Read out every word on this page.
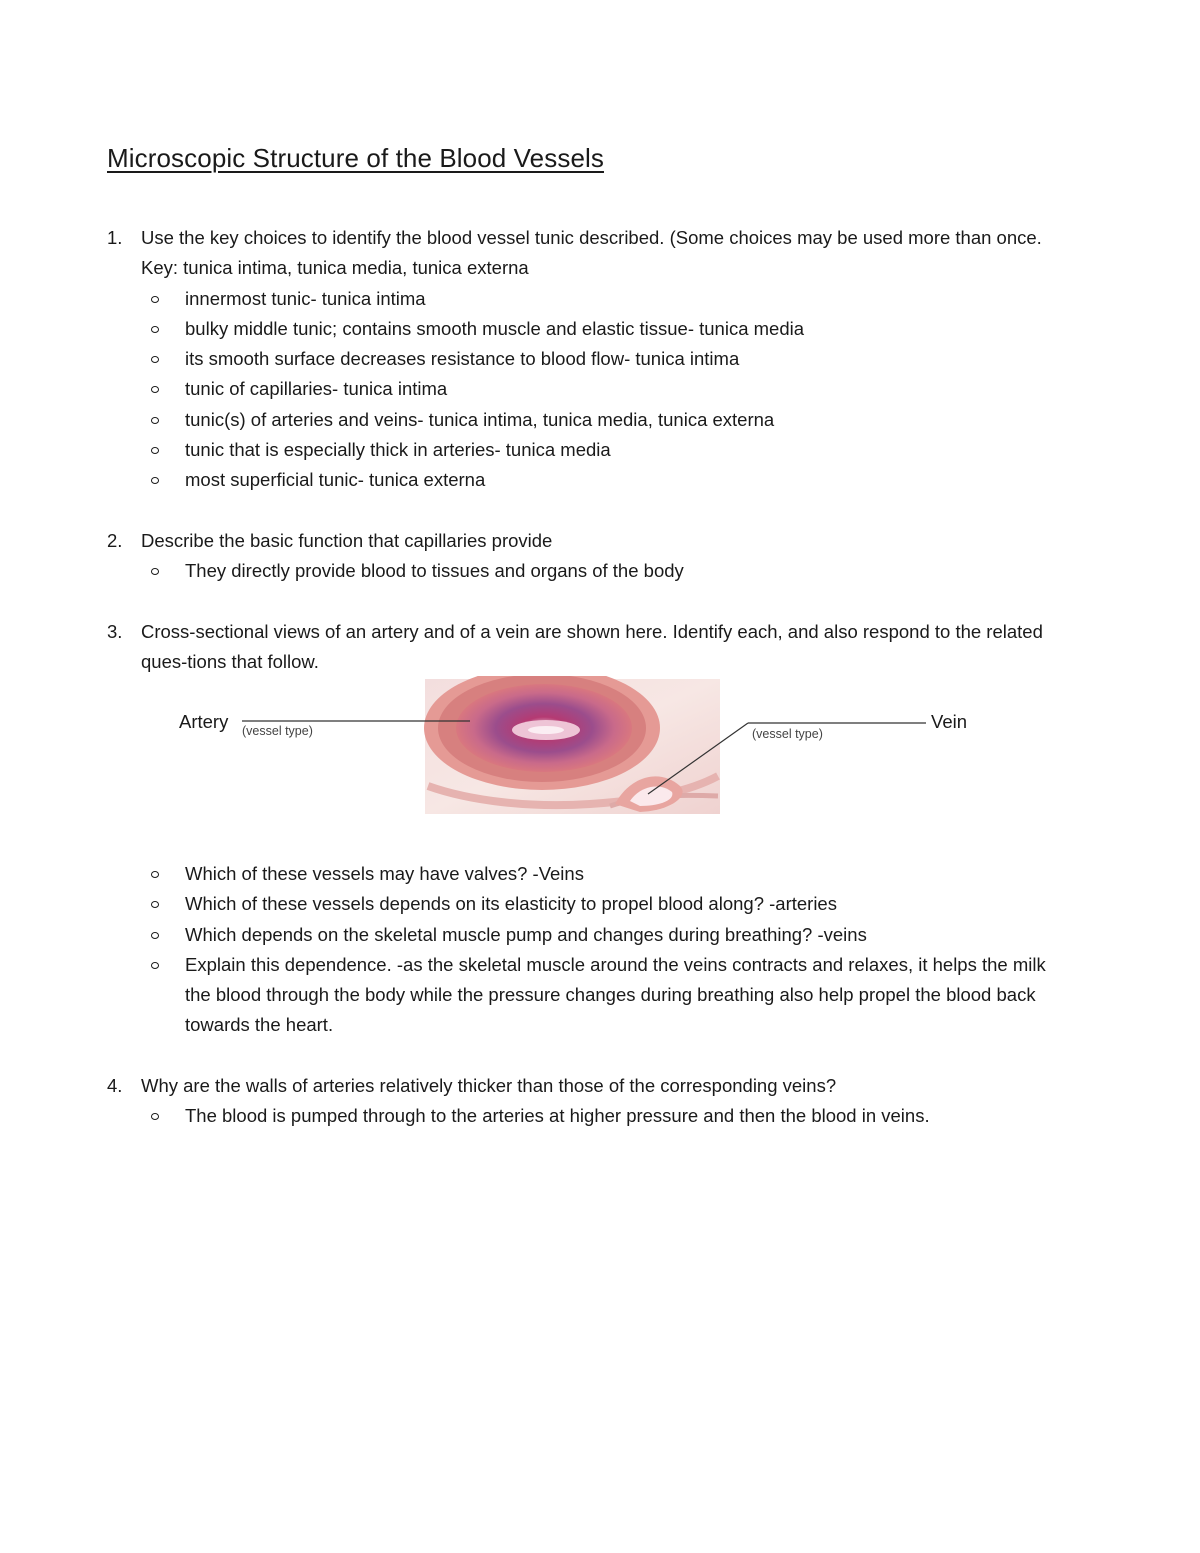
Microscopic Structure of the Blood Vessels
1. Use the key choices to identify the blood vessel tunic described. (Some choices may be used more than once. Key: tunica intima, tunica media, tunica externa
innermost tunic- tunica intima
bulky middle tunic; contains smooth muscle and elastic tissue- tunica media
its smooth surface decreases resistance to blood flow- tunica intima
tunic of capillaries- tunica intima
tunic(s) of arteries and veins- tunica intima, tunica media, tunica externa
tunic that is especially thick in arteries- tunica media
most superficial tunic- tunica externa
2. Describe the basic function that capillaries provide
They directly provide blood to tissues and organs of the body
3. Cross-sectional views of an artery and of a vein are shown here. Identify each, and also respond to the related ques-tions that follow.
Artery (vessel type)	Vein
(vessel type)
Which of these vessels may have valves? -Veins
Which of these vessels depends on its elasticity to propel blood along? -arteries
Which depends on the skeletal muscle pump and changes during breathing? -veins
Explain this dependence. -as the skeletal muscle around the veins contracts and relaxes, it helps the milk the blood through the body while the pressure changes during breathing also help propel the blood back towards the heart.
4. Why are the walls of arteries relatively thicker than those of the corresponding veins?
The blood is pumped through to the arteries at higher pressure and then the blood in veins.
